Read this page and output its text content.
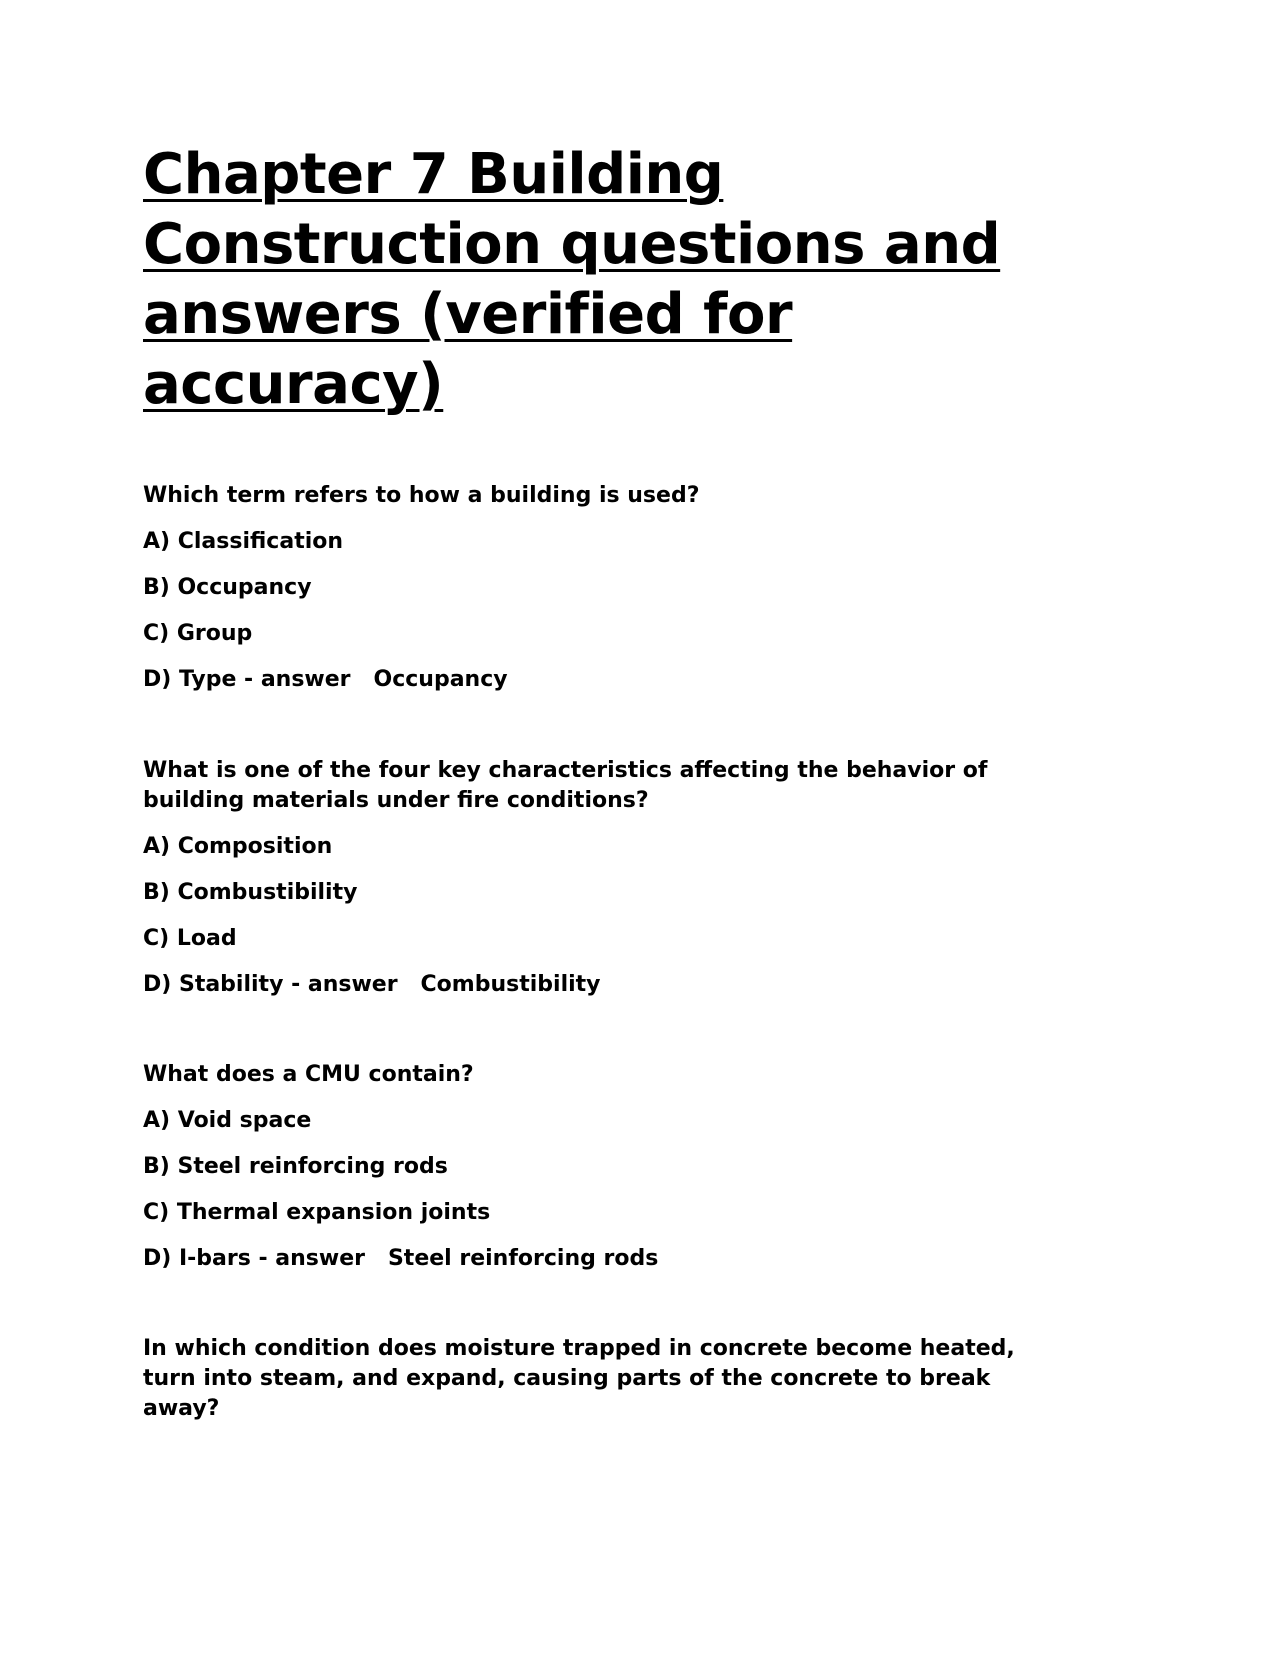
Chapter 7 Building Construction questions and answers (verified for accuracy)

Which term refers to how a building is used?

A) Classification

B) Occupancy

C) Group

D) Type - answer   Occupancy

What is one of the four key characteristics affecting the behavior of building materials under fire conditions?

A) Composition

B) Combustibility

C) Load

D) Stability - answer   Combustibility

What does a CMU contain?

A) Void space

B) Steel reinforcing rods

C) Thermal expansion joints

D) I-bars - answer   Steel reinforcing rods

In which condition does moisture trapped in concrete become heated, turn into steam, and expand, causing parts of the concrete to break away?
